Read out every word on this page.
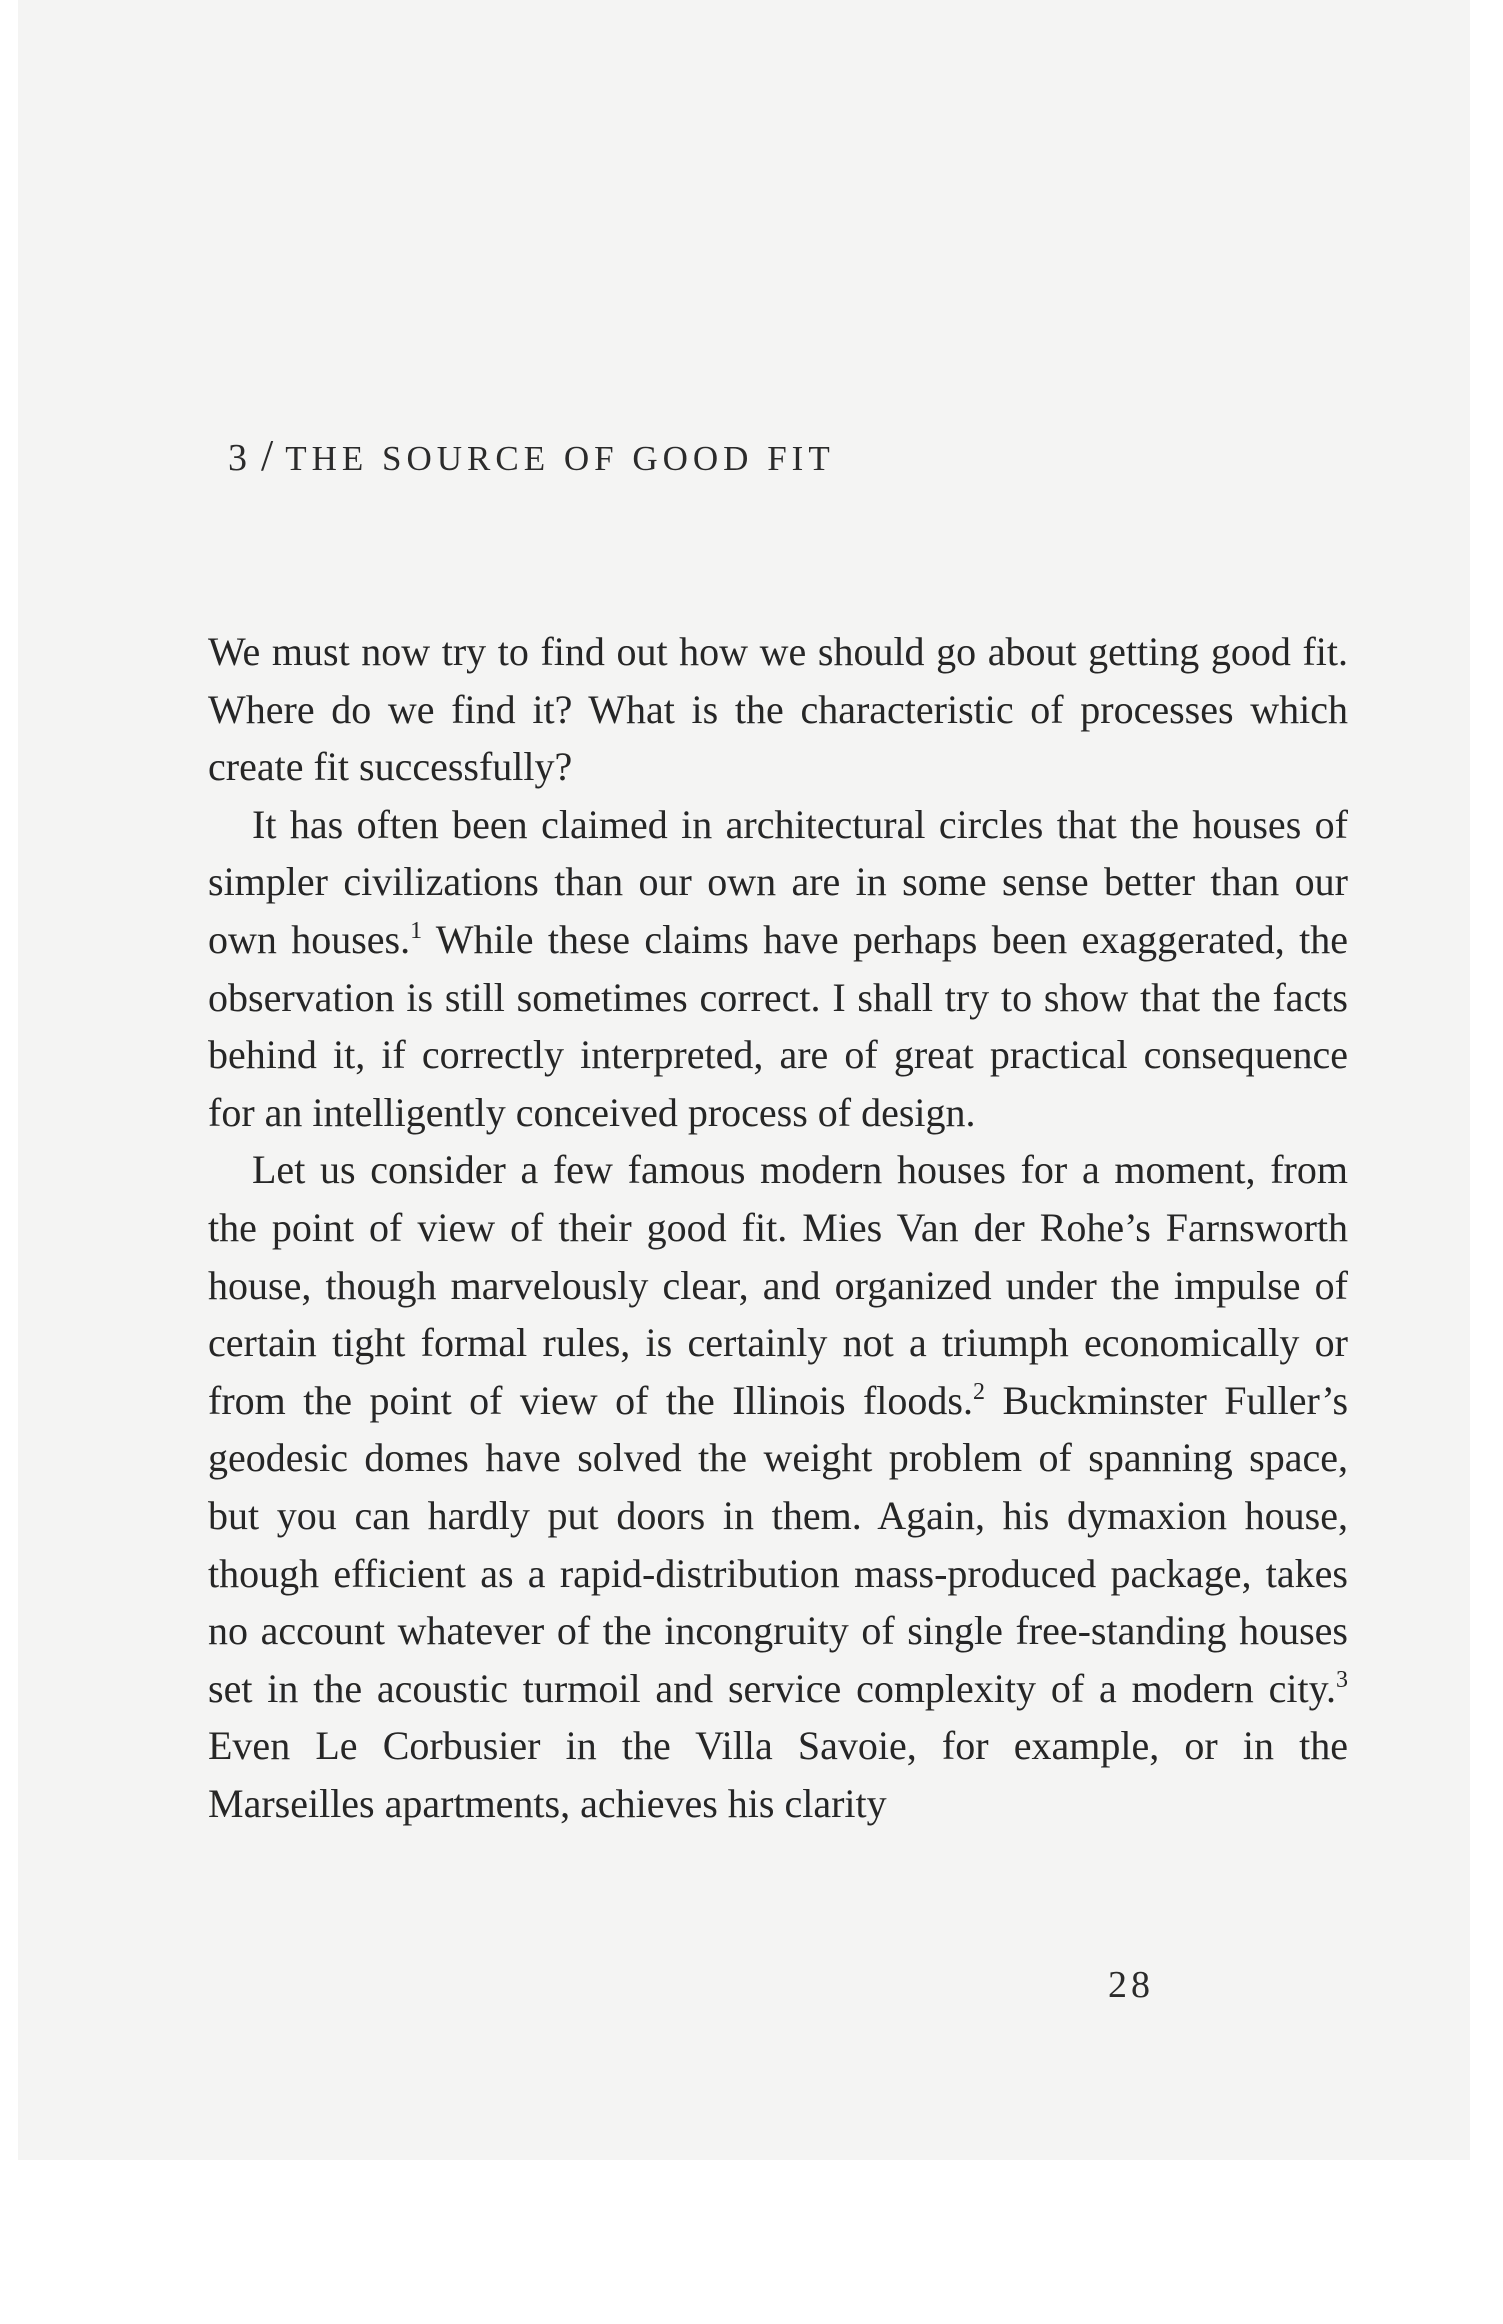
3 / THE SOURCE OF GOOD FIT

We must now try to find out how we should go about getting good fit. Where do we find it? What is the characteristic of processes which create fit successfully?

It has often been claimed in architectural circles that the houses of simpler civilizations than our own are in some sense better than our own houses.$^1$ While these claims have perhaps been exaggerated, the observation is still sometimes correct. I shall try to show that the facts behind it, if correctly interpreted, are of great practical consequence for an intelligently conceived process of design.

Let us consider a few famous modern houses for a moment, from the point of view of their good fit. Mies Van der Rohe’s Farnsworth house, though marvelously clear, and organized under the impulse of certain tight formal rules, is certainly not a triumph economically or from the point of view of the Illinois floods.$^2$ Buckminster Fuller’s geodesic domes have solved the weight problem of spanning space, but you can hardly put doors in them. Again, his dymaxion house, though efficient as a rapid-distribution mass-produced package, takes no account whatever of the incongruity of single free-standing houses set in the acoustic turmoil and service complexity of a modern city.$^3$ Even Le Corbusier in the Villa Savoie, for example, or in the Marseilles apartments, achieves his clarity

28
